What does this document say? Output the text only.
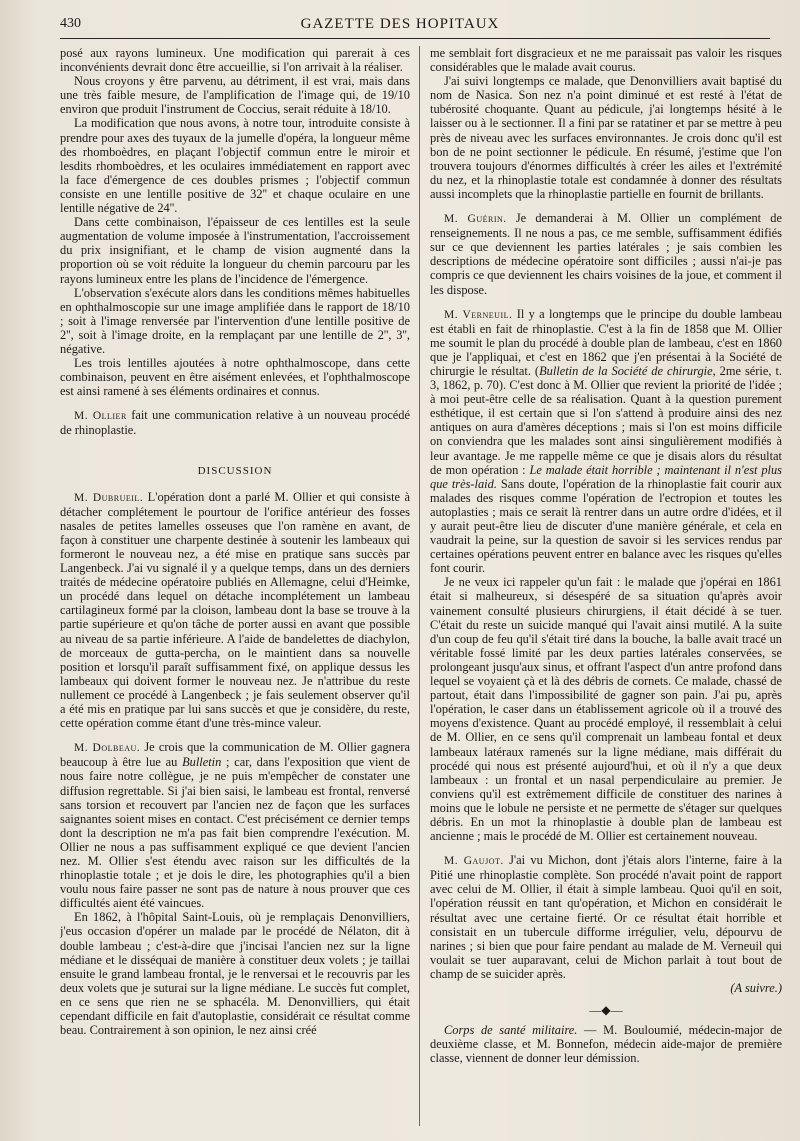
430	GAZETTE DES HOPITAUX

posé aux rayons lumineux. Une modification qui parerait à ces inconvénients devrait donc être accueillie, si l'on arrivait à la réaliser.

Nous croyons y être parvenu, au détriment, il est vrai, mais dans une très faible mesure, de l'amplification de l'image qui, de 19/10 environ que produit l'instrument de Coccius, serait réduite à 18/10.

La modification que nous avons, à notre tour, introduite consiste à prendre pour axes des tuyaux de la jumelle d'opéra, la longueur même des rhomboèdres, en plaçant l'objectif commun entre le miroir et lesdits rhomboèdres, et les oculaires immédiatement en rapport avec la face d'émergence de ces doubles prismes ; l'objectif commun consiste en une lentille positive de 32'' et chaque oculaire en une lentille négative de 24''.

Dans cette combinaison, l'épaisseur de ces lentilles est la seule augmentation de volume imposée à l'instrumentation, l'accroissement du prix insignifiant, et le champ de vision augmenté dans la proportion où se voit réduite la longueur du chemin parcouru par les rayons lumineux entre les plans de l'incidence de l'émergence.

L'observation s'exécute alors dans les conditions mêmes habituelles en ophthalmoscopie sur une image amplifiée dans le rapport de 18/10 ; soit à l'image renversée par l'intervention d'une lentille positive de 2'', soit à l'image droite, en la remplaçant par une lentille de 2'', 3'', négative.

Les trois lentilles ajoutées à notre ophthalmoscope, dans cette combinaison, peuvent en être aisément enlevées, et l'ophthalmoscope est ainsi ramené à ses éléments ordinaires et connus.

M. Ollier fait une communication relative à un nouveau procédé de rhinoplastie.

DISCUSSION

M. Dubrueil. L'opération dont a parlé M. Ollier et qui consiste à détacher complétement le pourtour de l'orifice antérieur des fosses nasales de petites lamelles osseuses que l'on ramène en avant, de façon à constituer une charpente destinée à soutenir les lambeaux qui formeront le nouveau nez, a été mise en pratique sans succès par Langenbeck. J'ai vu signalé il y a quelque temps, dans un des derniers traités de médecine opératoire publiés en Allemagne, celui d'Heimke, un procédé dans lequel on détache incomplétement un lambeau cartilagineux formé par la cloison, lambeau dont la base se trouve à la partie supérieure et qu'on tâche de porter aussi en avant que possible au niveau de sa partie inférieure. A l'aide de bandelettes de diachylon, de morceaux de gutta-percha, on le maintient dans sa nouvelle position et lorsqu'il paraît suffisamment fixé, on applique dessus les lambeaux qui doivent former le nouveau nez. Je n'attribue du reste nullement ce procédé à Langenbeck ; je fais seulement observer qu'il a été mis en pratique par lui sans succès et que je considère, du reste, cette opération comme étant d'une très-mince valeur.

M. Dolbeau. Je crois que la communication de M. Ollier gagnera beaucoup à être lue au Bulletin ; car, dans l'exposition que vient de nous faire notre collègue, je ne puis m'empêcher de constater une diffusion regrettable. Si j'ai bien saisi, le lambeau est frontal, renversé sans torsion et recouvert par l'ancien nez de façon que les surfaces saignantes soient mises en contact. C'est précisément ce dernier temps dont la description ne m'a pas fait bien comprendre l'exécution. M. Ollier ne nous a pas suffisamment expliqué ce que devient l'ancien nez. M. Ollier s'est étendu avec raison sur les difficultés de la rhinoplastie totale ; et je dois le dire, les photographies qu'il a bien voulu nous faire passer ne sont pas de nature à nous prouver que ces difficultés aient été vaincues.

En 1862, à l'hôpital Saint-Louis, où je remplaçais Denonvilliers, j'eus occasion d'opérer un malade par le procédé de Nélaton, dit à double lambeau ; c'est-à-dire que j'incisai l'ancien nez sur la ligne médiane et le disséquai de manière à constituer deux volets ; je taillai ensuite le grand lambeau frontal, je le renversai et le recouvris par les deux volets que je suturai sur la ligne médiane. Le succès fut complet, en ce sens que rien ne se sphacéla. M. Denonvilliers, qui était cependant difficile en fait d'autoplastie, considérait ce résultat comme beau. Contrairement à son opinion, le nez ainsi créé

me semblait fort disgracieux et ne me paraissait pas valoir les risques considérables que le malade avait courus.

J'ai suivi longtemps ce malade, que Denonvilliers avait baptisé du nom de Nasica. Son nez n'a point diminué et est resté à l'état de tubérosité choquante. Quant au pédicule, j'ai longtemps hésité à le laisser ou à le sectionner. Il a fini par se ratatiner et par se mettre à peu près de niveau avec les surfaces environnantes. Je crois donc qu'il est bon de ne point sectionner le pédicule. En résumé, j'estime que l'on trouvera toujours d'énormes difficultés à créer les ailes et l'extrémité du nez, et la rhinoplastie totale est condamnée à donner des résultats aussi incomplets que la rhinoplastie partielle en fournit de brillants.

M. Guérin. Je demanderai à M. Ollier un complément de renseignements. Il ne nous a pas, ce me semble, suffisamment édifiés sur ce que deviennent les parties latérales ; je sais combien les descriptions de médecine opératoire sont difficiles ; aussi n'ai-je pas compris ce que deviennent les chairs voisines de la joue, et comment il les dispose.

M. Verneuil. Il y a longtemps que le principe du double lambeau est établi en fait de rhinoplastie. C'est à la fin de 1858 que M. Ollier me soumit le plan du procédé à double plan de lambeau, c'est en 1860 que je l'appliquai, et c'est en 1862 que j'en présentai à la Société de chirurgie le résultat. (Bulletin de la Société de chirurgie, 2me série, t. 3, 1862, p. 70). C'est donc à M. Ollier que revient la priorité de l'idée ; à moi peut-être celle de sa réalisation. Quant à la question purement esthétique, il est certain que si l'on s'attend à produire ainsi des nez antiques on aura d'amères déceptions ; mais si l'on est moins difficile on conviendra que les malades sont ainsi singulièrement modifiés à leur avantage. Je me rappelle même ce que je disais alors du résultat de mon opération : Le malade était horrible ; maintenant il n'est plus que très-laid. Sans doute, l'opération de la rhinoplastie fait courir aux malades des risques comme l'opération de l'ectropion et toutes les autoplasties ; mais ce serait là rentrer dans un autre ordre d'idées, et il y aurait peut-être lieu de discuter d'une manière générale, et cela en vaudrait la peine, sur la question de savoir si les services rendus par certaines opérations peuvent entrer en balance avec les risques qu'elles font courir.

Je ne veux ici rappeler qu'un fait : le malade que j'opérai en 1861 était si malheureux, si désespéré de sa situation qu'après avoir vainement consulté plusieurs chirurgiens, il était décidé à se tuer. C'était du reste un suicide manqué qui l'avait ainsi mutilé. A la suite d'un coup de feu qu'il s'était tiré dans la bouche, la balle avait tracé un véritable fossé limité par les deux parties latérales conservées, se prolongeant jusqu'aux sinus, et offrant l'aspect d'un antre profond dans lequel se voyaient çà et là des débris de cornets. Ce malade, chassé de partout, était dans l'impossibilité de gagner son pain. J'ai pu, après l'opération, le caser dans un établissement agricole où il a trouvé des moyens d'existence. Quant au procédé employé, il ressemblait à celui de M. Ollier, en ce sens qu'il comprenait un lambeau fontal et deux lambeaux latéraux ramenés sur la ligne médiane, mais différait du procédé qui nous est présenté aujourd'hui, et où il n'y a que deux lambeaux : un frontal et un nasal perpendiculaire au premier. Je conviens qu'il est extrêmement difficile de constituer des narines à moins que le lobule ne persiste et ne permette de s'étager sur quelques débris. En un mot la rhinoplastie à double plan de lambeau est ancienne ; mais le procédé de M. Ollier est certainement nouveau.

M. Gaujot. J'ai vu Michon, dont j'étais alors l'interne, faire à la Pitié une rhinoplastie complète. Son procédé n'avait point de rapport avec celui de M. Ollier, il était à simple lambeau. Quoi qu'il en soit, l'opération réussit en tant qu'opération, et Michon en considérait le résultat avec une certaine fierté. Or ce résultat était horrible et consistait en un tubercule difforme irrégulier, velu, dépourvu de narines ; si bien que pour faire pendant au malade de M. Verneuil qui voulait se tuer auparavant, celui de Michon parlait à tout bout de champ de se suicider après.

(A suivre.)
—◆—

Corps de santé militaire. — M. Bouloumié, médecin-major de deuxième classe, et M. Bonnefon, médecin aide-major de première classe, viennent de donner leur démission.
